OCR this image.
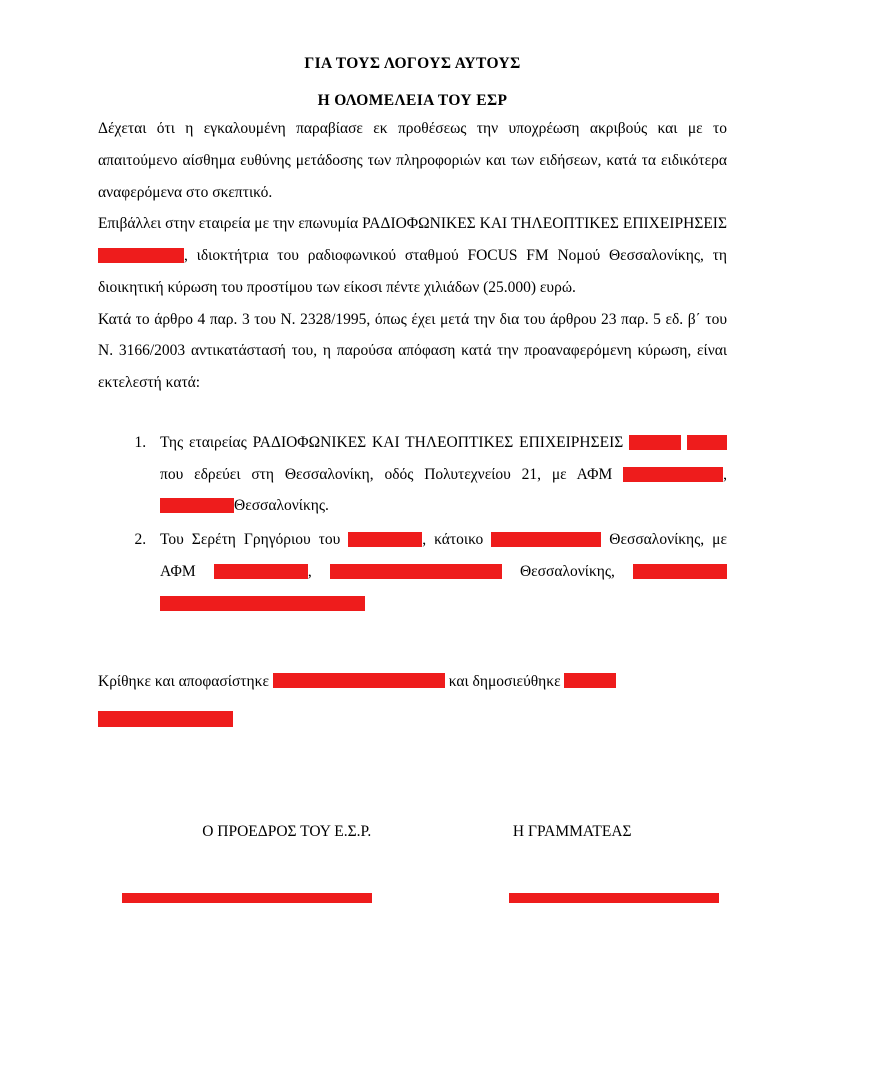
ΓΙΑ ΤΟΥΣ ΛΟΓΟΥΣ ΑΥΤΟΥΣ
Η ΟΛΟΜΕΛΕΙΑ ΤΟΥ ΕΣΡ

Δέχεται ότι η εγκαλουμένη παραβίασε εκ προθέσεως την υποχρέωση ακριβούς και με το απαιτούμενο αίσθημα ευθύνης μετάδοσης των πληροφοριών και των ειδήσεων, κατά τα ειδικότερα αναφερόμενα στο σκεπτικό.

Επιβάλλει στην εταιρεία με την επωνυμία ΡΑΔΙΟΦΩΝΙΚΕΣ ΚΑΙ ΤΗΛΕΟΠΤΙΚΕΣ ΕΠΙΧΕΙΡΗΣΕΙΣ , ιδιοκτήτρια του ραδιοφωνικού σταθμού FOCUS FM Νομού Θεσσαλονίκης, τη διοικητική κύρωση του προστίμου των είκοσι πέντε χιλιάδων (25.000) ευρώ.

Κατά το άρθρο 4 παρ. 3 του Ν. 2328/1995, όπως έχει μετά την δια του άρθρου 23 παρ. 5 εδ. β΄ του Ν. 3166/2003 αντικατάστασή του, η παρούσα απόφαση κατά την προαναφερόμενη κύρωση, είναι εκτελεστή κατά:

1. Της εταιρείας ΡΑΔΙΟΦΩΝΙΚΕΣ ΚΑΙ ΤΗΛΕΟΠΤΙΚΕΣ ΕΠΙΧΕΙΡΗΣΕΙΣ   που εδρεύει στη Θεσσαλονίκη, οδός Πολυτεχνείου 21, με ΑΦΜ	, Θεσσαλονίκης.
2. Του Σερέτη Γρηγόριου του	, κάτοικο	Θεσσαλονίκης, με ΑΦΜ	,	Θεσσαλονίκης,

Κρίθηκε και αποφασίστηκε	και δημοσιεύθηκε

Ο ΠΡΟΕΔΡΟΣ ΤΟΥ Ε.Σ.Ρ.	Η ΓΡΑΜΜΑΤΕΑΣ
